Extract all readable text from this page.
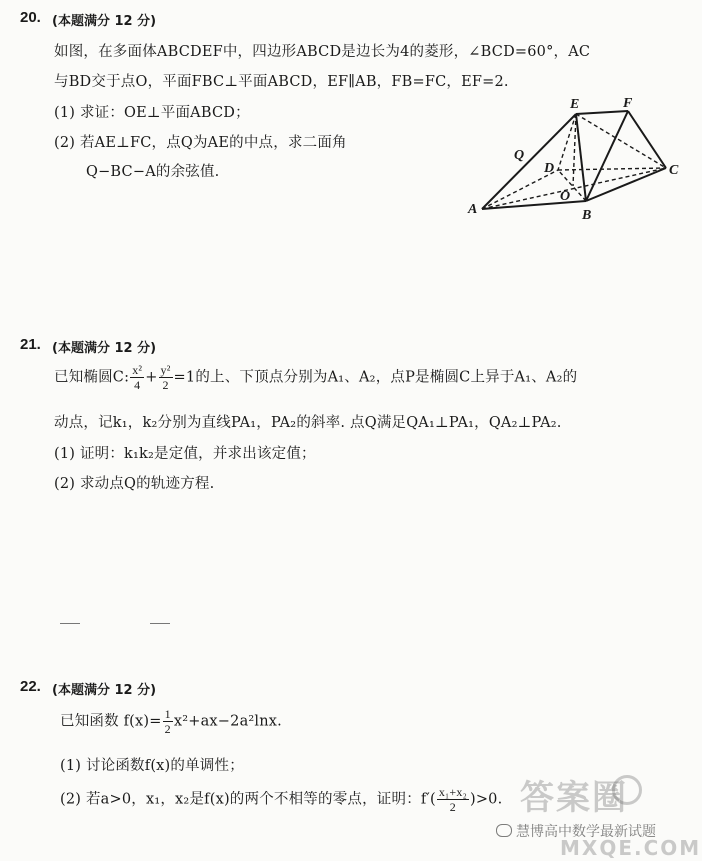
20. (本题满分 12 分)
如图，在多面体ABCDEF中，四边形ABCD是边长为4的菱形，∠BCD=60°，AC
与BD交于点O，平面FBC⊥平面ABCD，EF∥AB，FB=FC，EF=2.
(1) 求证：OE⊥平面ABCD；
(2) 若AE⊥FC，点Q为AE的中点，求二面角
Q−BC−A的余弦值.
E	F
Q
D
O
C
A	B
21. (本题满分 12 分)
已知椭圆C: $\frac{\text{x²}}{4} + \frac{\text{y²}}{2} =1$的上、下顶点分别为A₁、A₂，点P是椭圆C上异于A₁、A₂的
动点，记k₁，k₂分别为直线PA₁，PA₂的斜率. 点Q满足QA₁⊥PA₁，QA₂⊥PA₂.
(1) 证明：k₁k₂是定值，并求出该定值；
(2) 求动点Q的轨迹方程.
22. (本题满分 12 分)
已知函数 $f(x)= \frac{1}{2} x^2+ax-2a^2\ln x$.
(1) 讨论函数f(x)的单调性；
(2) 若a>0，x₁，x₂是f(x)的两个不相等的零点，证明：$f'( \frac{\text{x₁+x₂}}{2} )>0$. 答案圈
慧博高中数学最新试题
MXQE.COM
